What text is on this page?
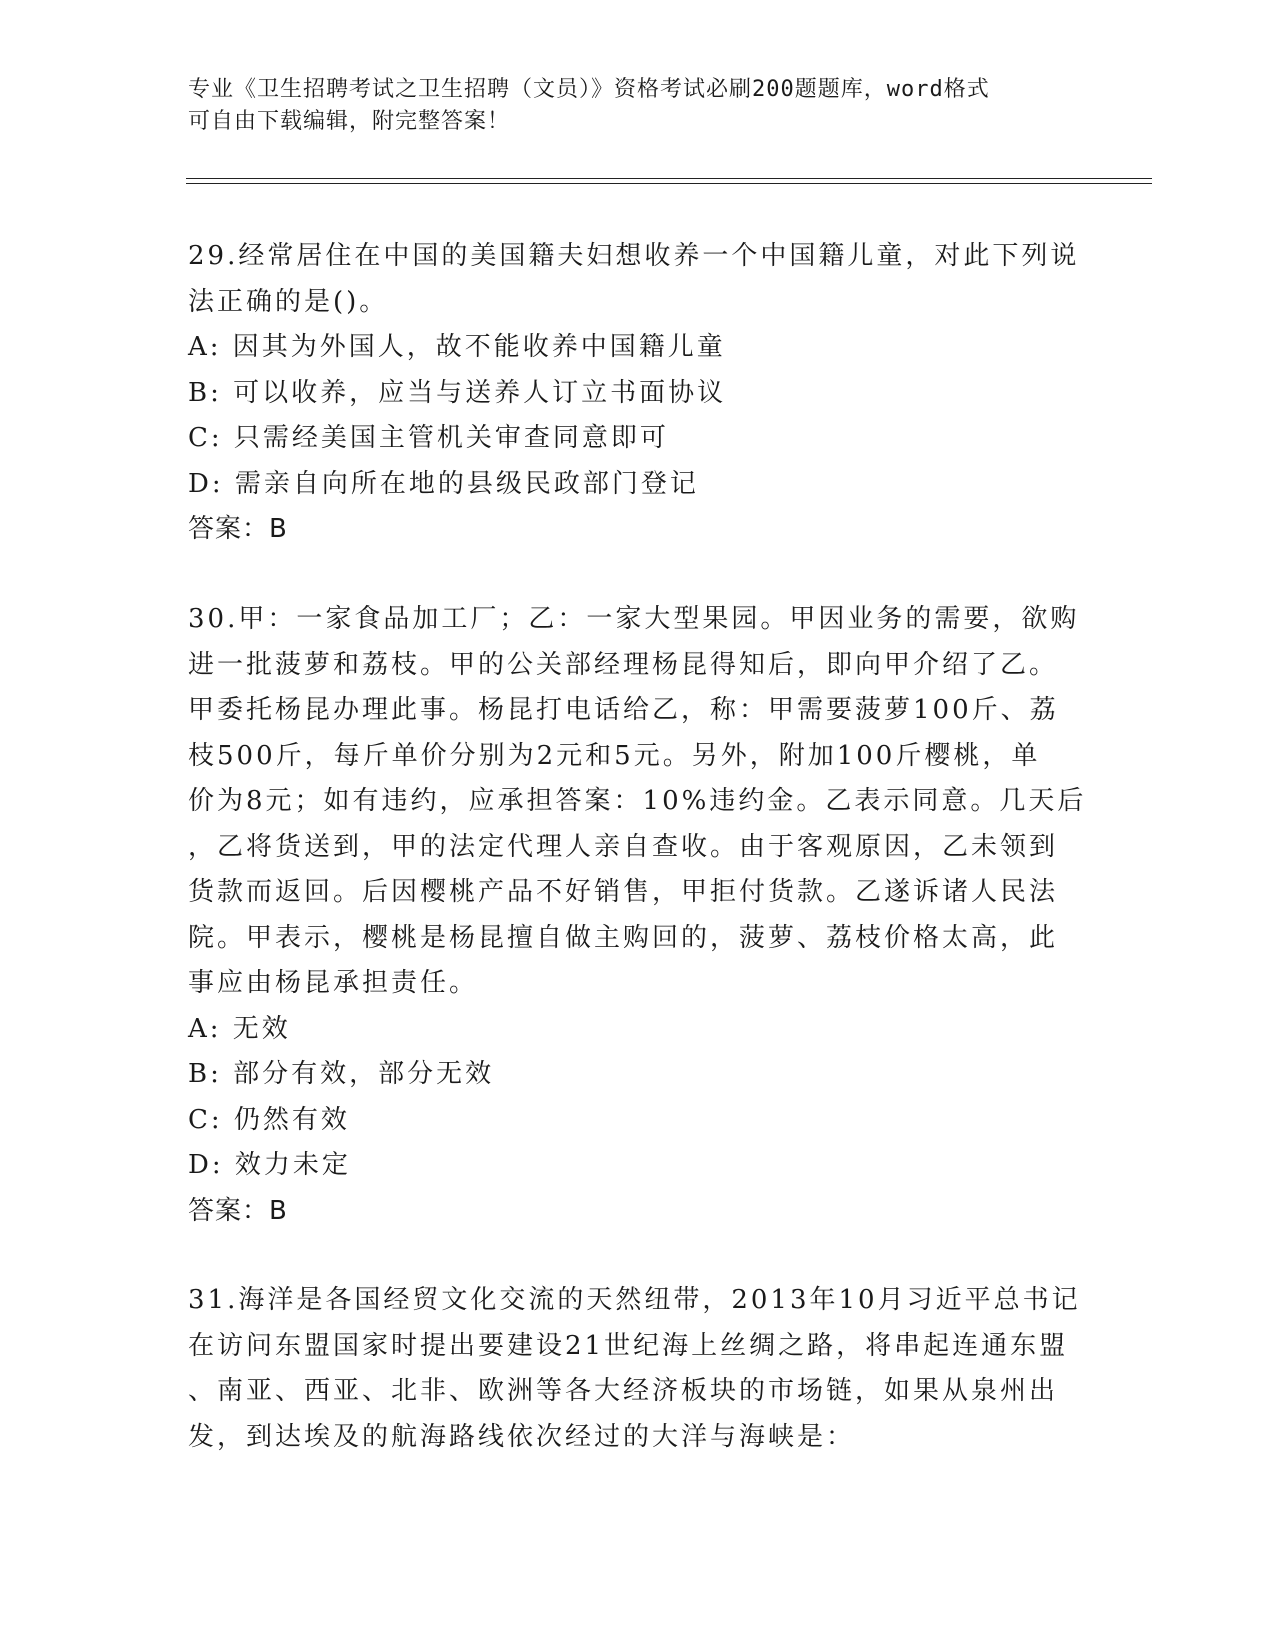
专业《卫生招聘考试之卫生招聘（文员）》资格考试必刷200题题库，word格式
可自由下载编辑，附完整答案！
29.经常居住在中国的美国籍夫妇想收养一个中国籍儿童，对此下列说
法正确的是()。
A: 因其为外国人，故不能收养中国籍儿童
B: 可以收养，应当与送养人订立书面协议
C: 只需经美国主管机关审查同意即可
D: 需亲自向所在地的县级民政部门登记
答案：B
30.甲：一家食品加工厂；乙：一家大型果园。甲因业务的需要，欲购
进一批菠萝和荔枝。甲的公关部经理杨昆得知后，即向甲介绍了乙。
甲委托杨昆办理此事。杨昆打电话给乙，称：甲需要菠萝100斤、荔
枝500斤，每斤单价分别为2元和5元。另外，附加100斤樱桃，单
价为8元；如有违约，应承担答案：10%违约金。乙表示同意。几天后
，乙将货送到，甲的法定代理人亲自查收。由于客观原因，乙未领到
货款而返回。后因樱桃产品不好销售，甲拒付货款。乙遂诉诸人民法
院。甲表示，樱桃是杨昆擅自做主购回的，菠萝、荔枝价格太高，此
事应由杨昆承担责任。
A: 无效
B: 部分有效，部分无效
C: 仍然有效
D: 效力未定
答案：B
31.海洋是各国经贸文化交流的天然纽带，2013年10月习近平总书记
在访问东盟国家时提出要建设21世纪海上丝绸之路，将串起连通东盟
、南亚、西亚、北非、欧洲等各大经济板块的市场链，如果从泉州出
发，到达埃及的航海路线依次经过的大洋与海峡是：
